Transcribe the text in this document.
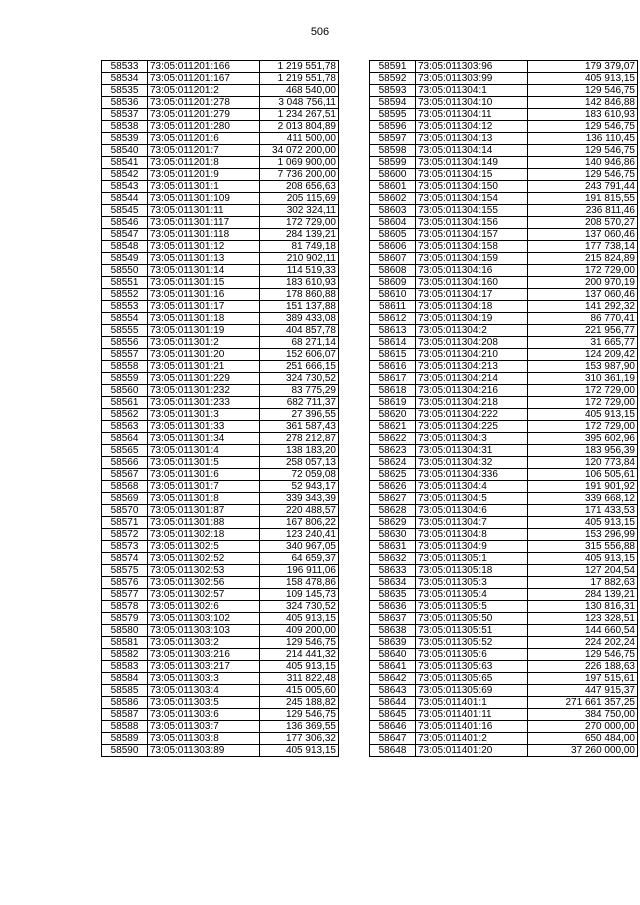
506
58533	73:05:011201:166	1 219 551,78
58534	73:05:011201:167	1 219 551,78
58535	73:05:011201:2	468 540,00
58536	73:05:011201:278	3 048 756,11
58537	73:05:011201:279	1 234 267,51
58538	73:05:011201:280	2 013 804,89
58539	73:05:011201:6	411 500,00
58540	73:05:011201:7	34 072 200,00
58541	73:05:011201:8	1 069 900,00
58542	73:05:011201:9	7 736 200,00
58543	73:05:011301:1	208 656,63
58544	73:05:011301:109	205 115,69
58545	73:05:011301:11	302 324,11
58546	73:05:011301:117	172 729,00
58547	73:05:011301:118	284 139,21
58548	73:05:011301:12	81 749,18
58549	73:05:011301:13	210 902,11
58550	73:05:011301:14	114 519,33
58551	73:05:011301:15	183 610,93
58552	73:05:011301:16	178 860,88
58553	73:05:011301:17	151 137,88
58554	73:05:011301:18	389 433,08
58555	73:05:011301:19	404 857,78
58556	73:05:011301:2	68 271,14
58557	73:05:011301:20	152 606,07
58558	73:05:011301:21	251 666,15
58559	73:05:011301:229	324 730,52
58560	73:05:011301:232	83 775,29
58561	73:05:011301:233	682 711,37
58562	73:05:011301:3	27 396,55
58563	73:05:011301:33	361 587,43
58564	73:05:011301:34	278 212,87
58565	73:05:011301:4	138 183,20
58566	73:05:011301:5	258 057,13
58567	73:05:011301:6	72 059,08
58568	73:05:011301:7	52 943,17
58569	73:05:011301:8	339 343,39
58570	73:05:011301:87	220 488,57
58571	73:05:011301:88	167 806,22
58572	73:05:011302:18	123 240,41
58573	73:05:011302:5	340 967,05
58574	73:05:011302:52	64 659,37
58575	73:05:011302:53	196 911,06
58576	73:05:011302:56	158 478,86
58577	73:05:011302:57	109 145,73
58578	73:05:011302:6	324 730,52
58579	73:05:011303:102	405 913,15
58580	73:05:011303:103	409 200,00
58581	73:05:011303:2	129 546,75
58582	73:05:011303:216	214 441,32
58583	73:05:011303:217	405 913,15
58584	73:05:011303:3	311 822,48
58585	73:05:011303:4	415 005,60
58586	73:05:011303:5	245 188,82
58587	73:05:011303:6	129 546,75
58588	73:05:011303:7	136 369,55
58589	73:05:011303:8	177 306,32
58590	73:05:011303:89	405 913,15
58591	73:05:011303:96	179 379,07
58592	73:05:011303:99	405 913,15
58593	73:05:011304:1	129 546,75
58594	73:05:011304:10	142 846,88
58595	73:05:011304:11	183 610,93
58596	73:05:011304:12	129 546,75
58597	73:05:011304:13	136 110,45
58598	73:05:011304:14	129 546,75
58599	73:05:011304:149	140 946,86
58600	73:05:011304:15	129 546,75
58601	73:05:011304:150	243 791,44
58602	73:05:011304:154	191 815,55
58603	73:05:011304:155	236 811,46
58604	73:05:011304:156	208 570,27
58605	73:05:011304:157	137 060,46
58606	73:05:011304:158	177 738,14
58607	73:05:011304:159	215 824,89
58608	73:05:011304:16	172 729,00
58609	73:05:011304:160	200 970,19
58610	73:05:011304:17	137 060,46
58611	73:05:011304:18	141 292,32
58612	73:05:011304:19	86 770,41
58613	73:05:011304:2	221 956,77
58614	73:05:011304:208	31 665,77
58615	73:05:011304:210	124 209,42
58616	73:05:011304:213	153 987,90
58617	73:05:011304:214	310 361,19
58618	73:05:011304:216	172 729,00
58619	73:05:011304:218	172 729,00
58620	73:05:011304:222	405 913,15
58621	73:05:011304:225	172 729,00
58622	73:05:011304:3	395 602,96
58623	73:05:011304:31	183 956,39
58624	73:05:011304:32	120 773,84
58625	73:05:011304:336	106 505,61
58626	73:05:011304:4	191 901,92
58627	73:05:011304:5	339 668,12
58628	73:05:011304:6	171 433,53
58629	73:05:011304:7	405 913,15
58630	73:05:011304:8	153 296,99
58631	73:05:011304:9	315 556,88
58632	73:05:011305:1	405 913,15
58633	73:05:011305:18	127 204,54
58634	73:05:011305:3	17 882,63
58635	73:05:011305:4	284 139,21
58636	73:05:011305:5	130 816,31
58637	73:05:011305:50	123 328,51
58638	73:05:011305:51	144 660,54
58639	73:05:011305:52	224 202,24
58640	73:05:011305:6	129 546,75
58641	73:05:011305:63	226 188,63
58642	73:05:011305:65	197 515,61
58643	73:05:011305:69	447 915,37
58644	73:05:011401:1	271 661 357,25
58645	73:05:011401:11	384 750,00
58646	73:05:011401:16	270 000,00
58647	73:05:011401:2	650 484,00
58648	73:05:011401:20	37 260 000,00
